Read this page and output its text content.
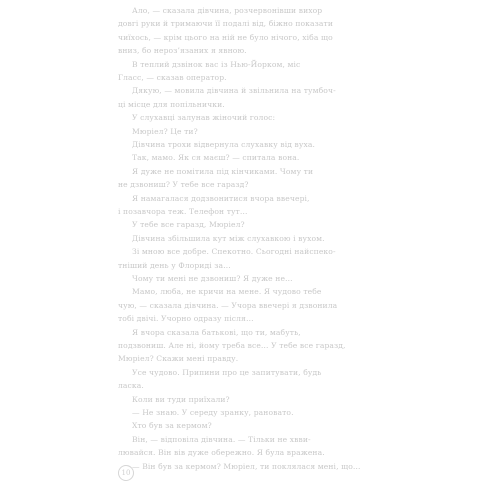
Ало, — сказала дівчина, розчервонівши вихор
довгі руки й тримаючи її подалі від, біжно показати
чиїхось, — крім цього на ній не було нічого, хіба що
вниз, бо нероз’язаних я явною.
В теплий дзвінок вас із Нью-Йорком, міс
Гласс, — сказав оператор.
Дякую, — мовила дівчина й звільнила на тумбоч-
ці місце для попільнички.
У слухавці залунав жіночий голос:
Мюріел? Це ти?
Дівчина трохи відвернула слухавку від вуха.
Так, мамо. Як ся маєш? — спитала вона.
Я дуже не помітила під кінчиками. Чому ти
не дзвониш? У тебе все гаразд?
Я намагалася додзвонитися вчора ввечері,
і позавчора теж. Телефон тут…
У тебе все гаразд, Мюріел?
Дівчина збільшила кут між слухавкою і вухом.
Зі мною все добре. Спекотно. Сьогодні найспеко-
тніший день у Флориді за…
Чому ти мені не дзвониш? Я дуже не…
Мамо, люба, не кричи на мене. Я чудово тебе
чую, — сказала дівчина. — Учора ввечері я дзвонила
тобі двічі. Учорно одразу після…
Я вчора сказала батькові, що ти, мабуть,
подзвониш. Але ні, йому треба все… У тебе все гаразд,
Мюріел? Скажи мені правду.
Усе чудово. Припини про це запитувати, будь
ласка.
Коли ви туди приїхали?
— Не знаю. У середу зранку, рановато.
Хто був за кермом?
Він, — відповіла дівчина. — Тільки не хвви-
лювайся. Він вів дуже обережно. Я була вражена.
— Він був за кермом? Мюріел, ти поклялася мені, що…
10
